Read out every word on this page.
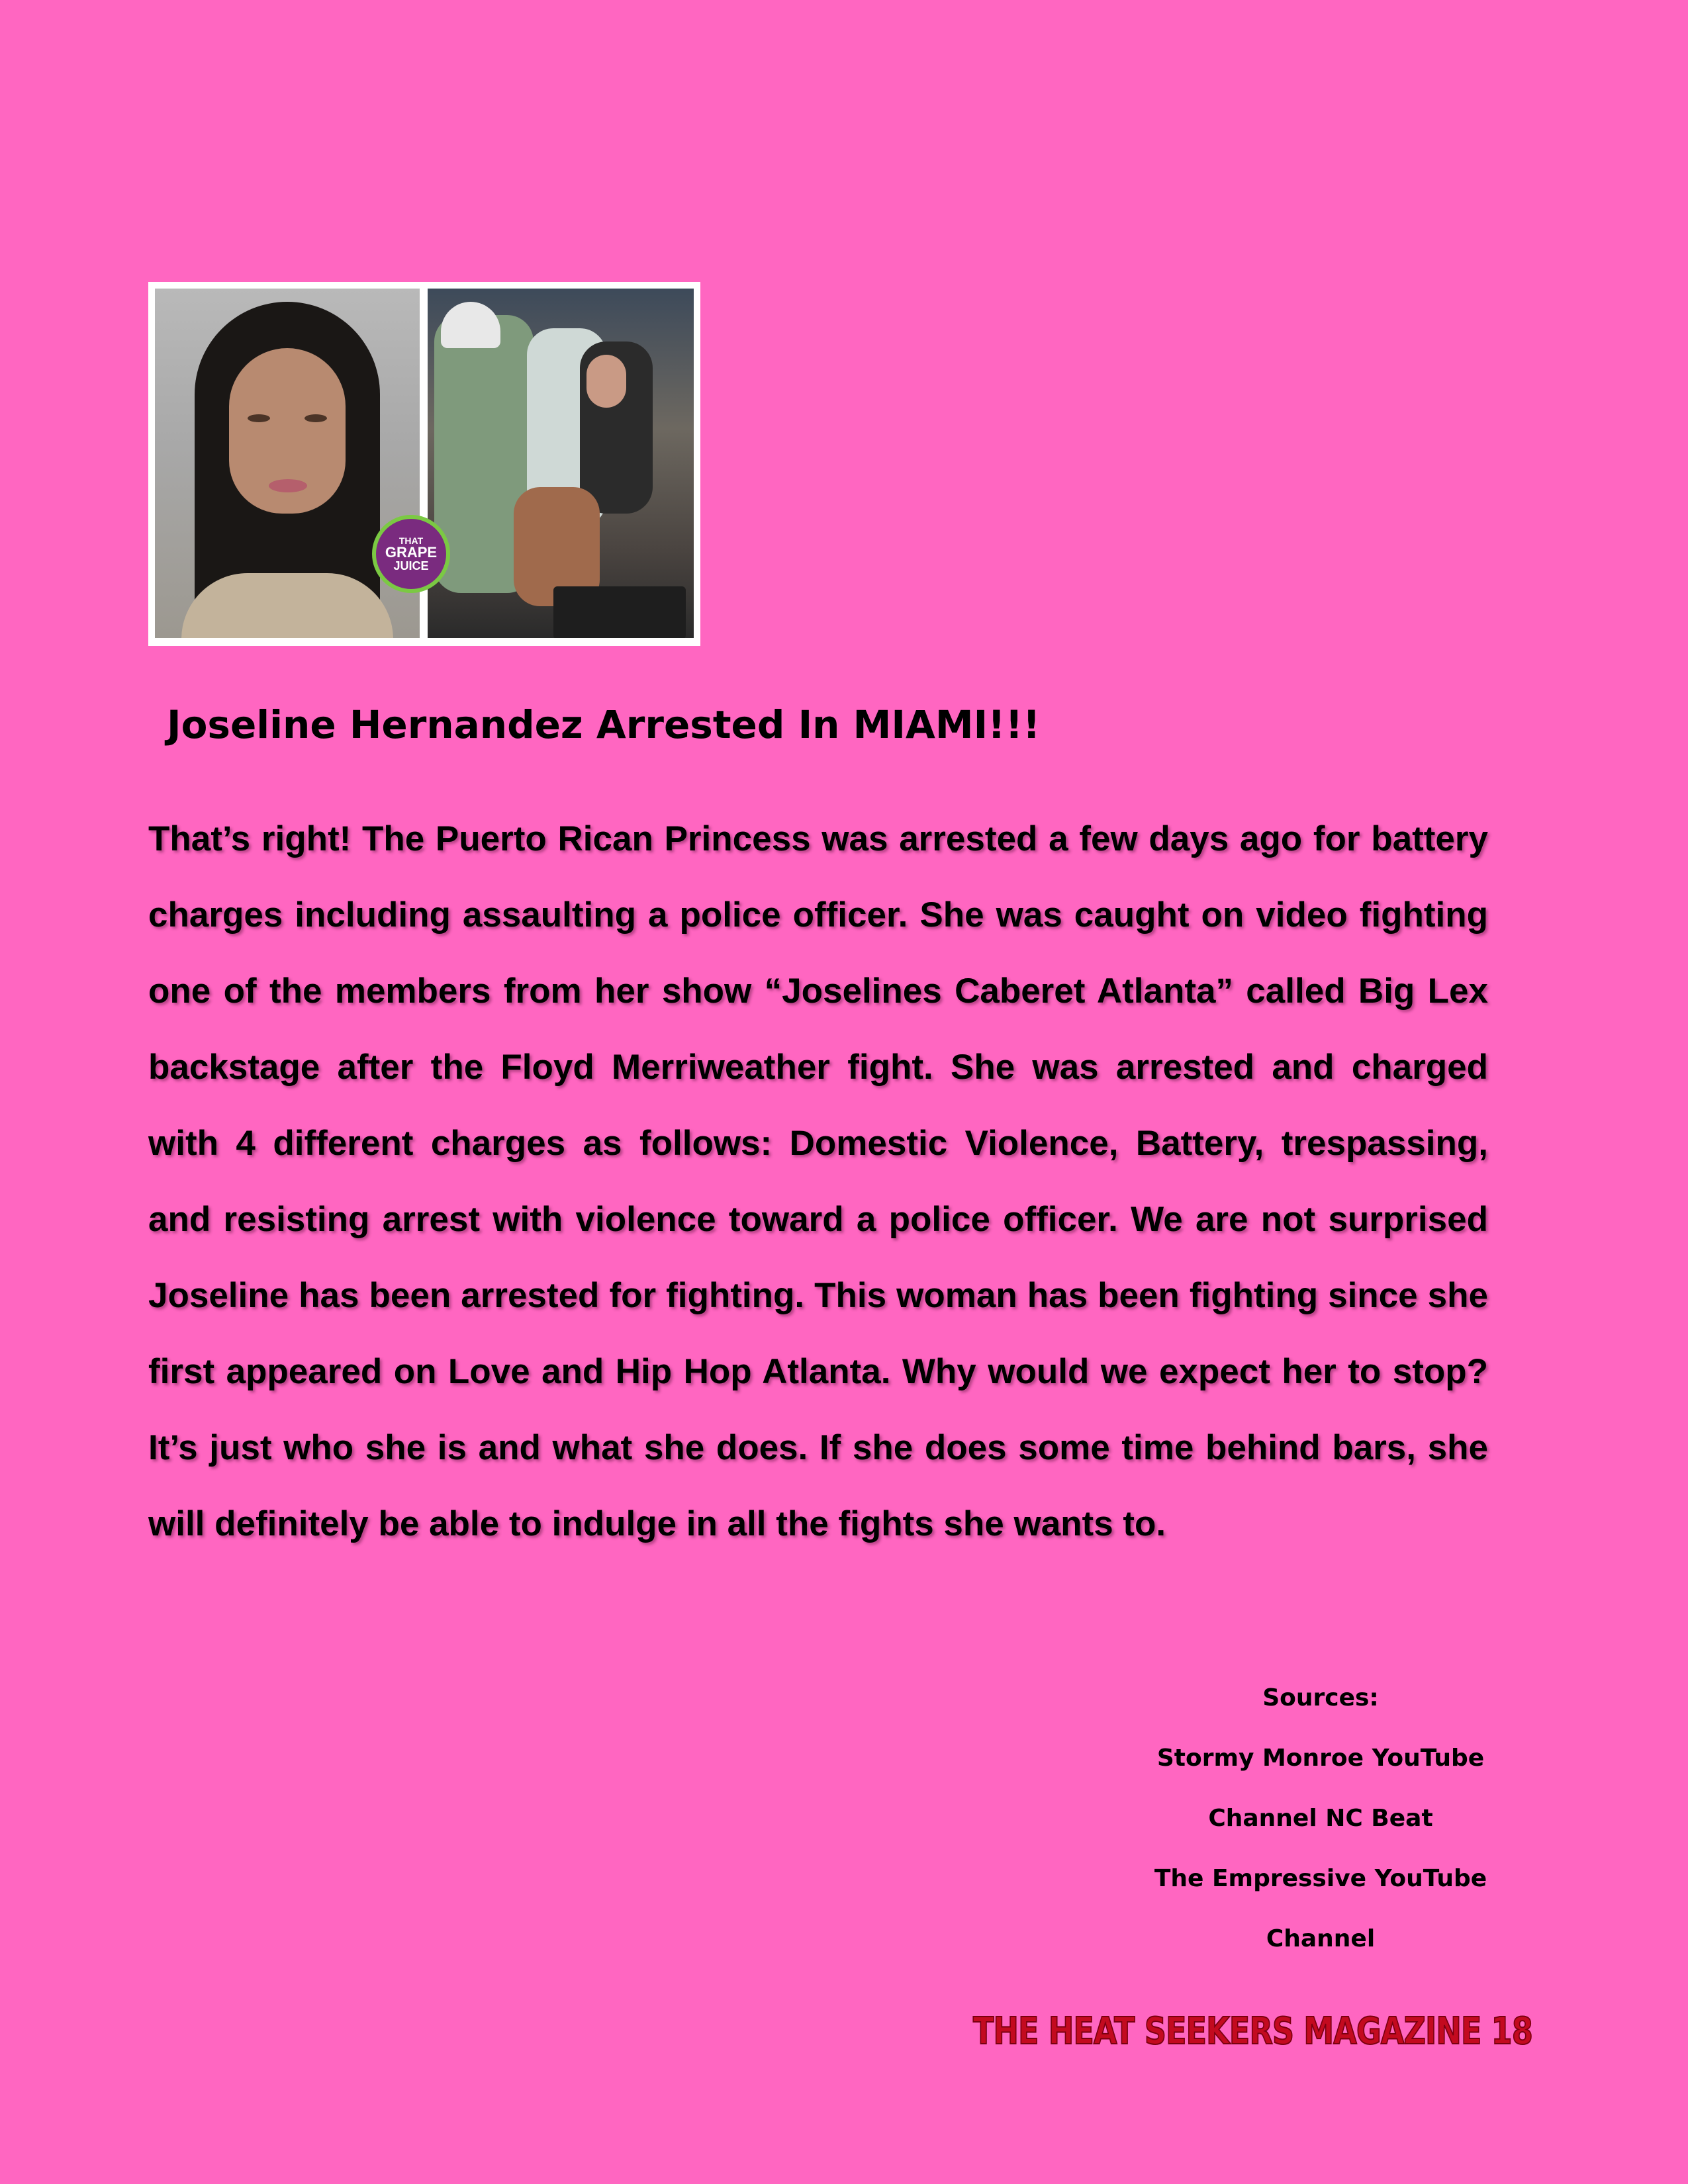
THAT
GRAPE
JUICE
Joseline Hernandez Arrested In MIAMI!!!

That’s right! The Puerto Rican Princess was arrested a few days ago for battery charges including assaulting a police officer. She was caught on video fighting one of the members from her show “Joselines Caberet Atlanta” called Big Lex backstage after the Floyd Merriweather fight. She was arrested and charged with 4 different charges as follows: Domestic Violence, Battery, trespassing, and resisting arrest with violence toward a police officer. We are not surprised Joseline has been arrested for fighting. This woman has been fighting since she first appeared on Love and Hip Hop Atlanta. Why would we expect her to stop? It’s just who she is and what she does. If she does some time behind bars, she will definitely be able to indulge in all the fights she wants to.

Sources:
Stormy Monroe YouTube
Channel NC Beat
The Empressive YouTube
Channel
THE HEAT SEEKERS MAGAZINE 18
